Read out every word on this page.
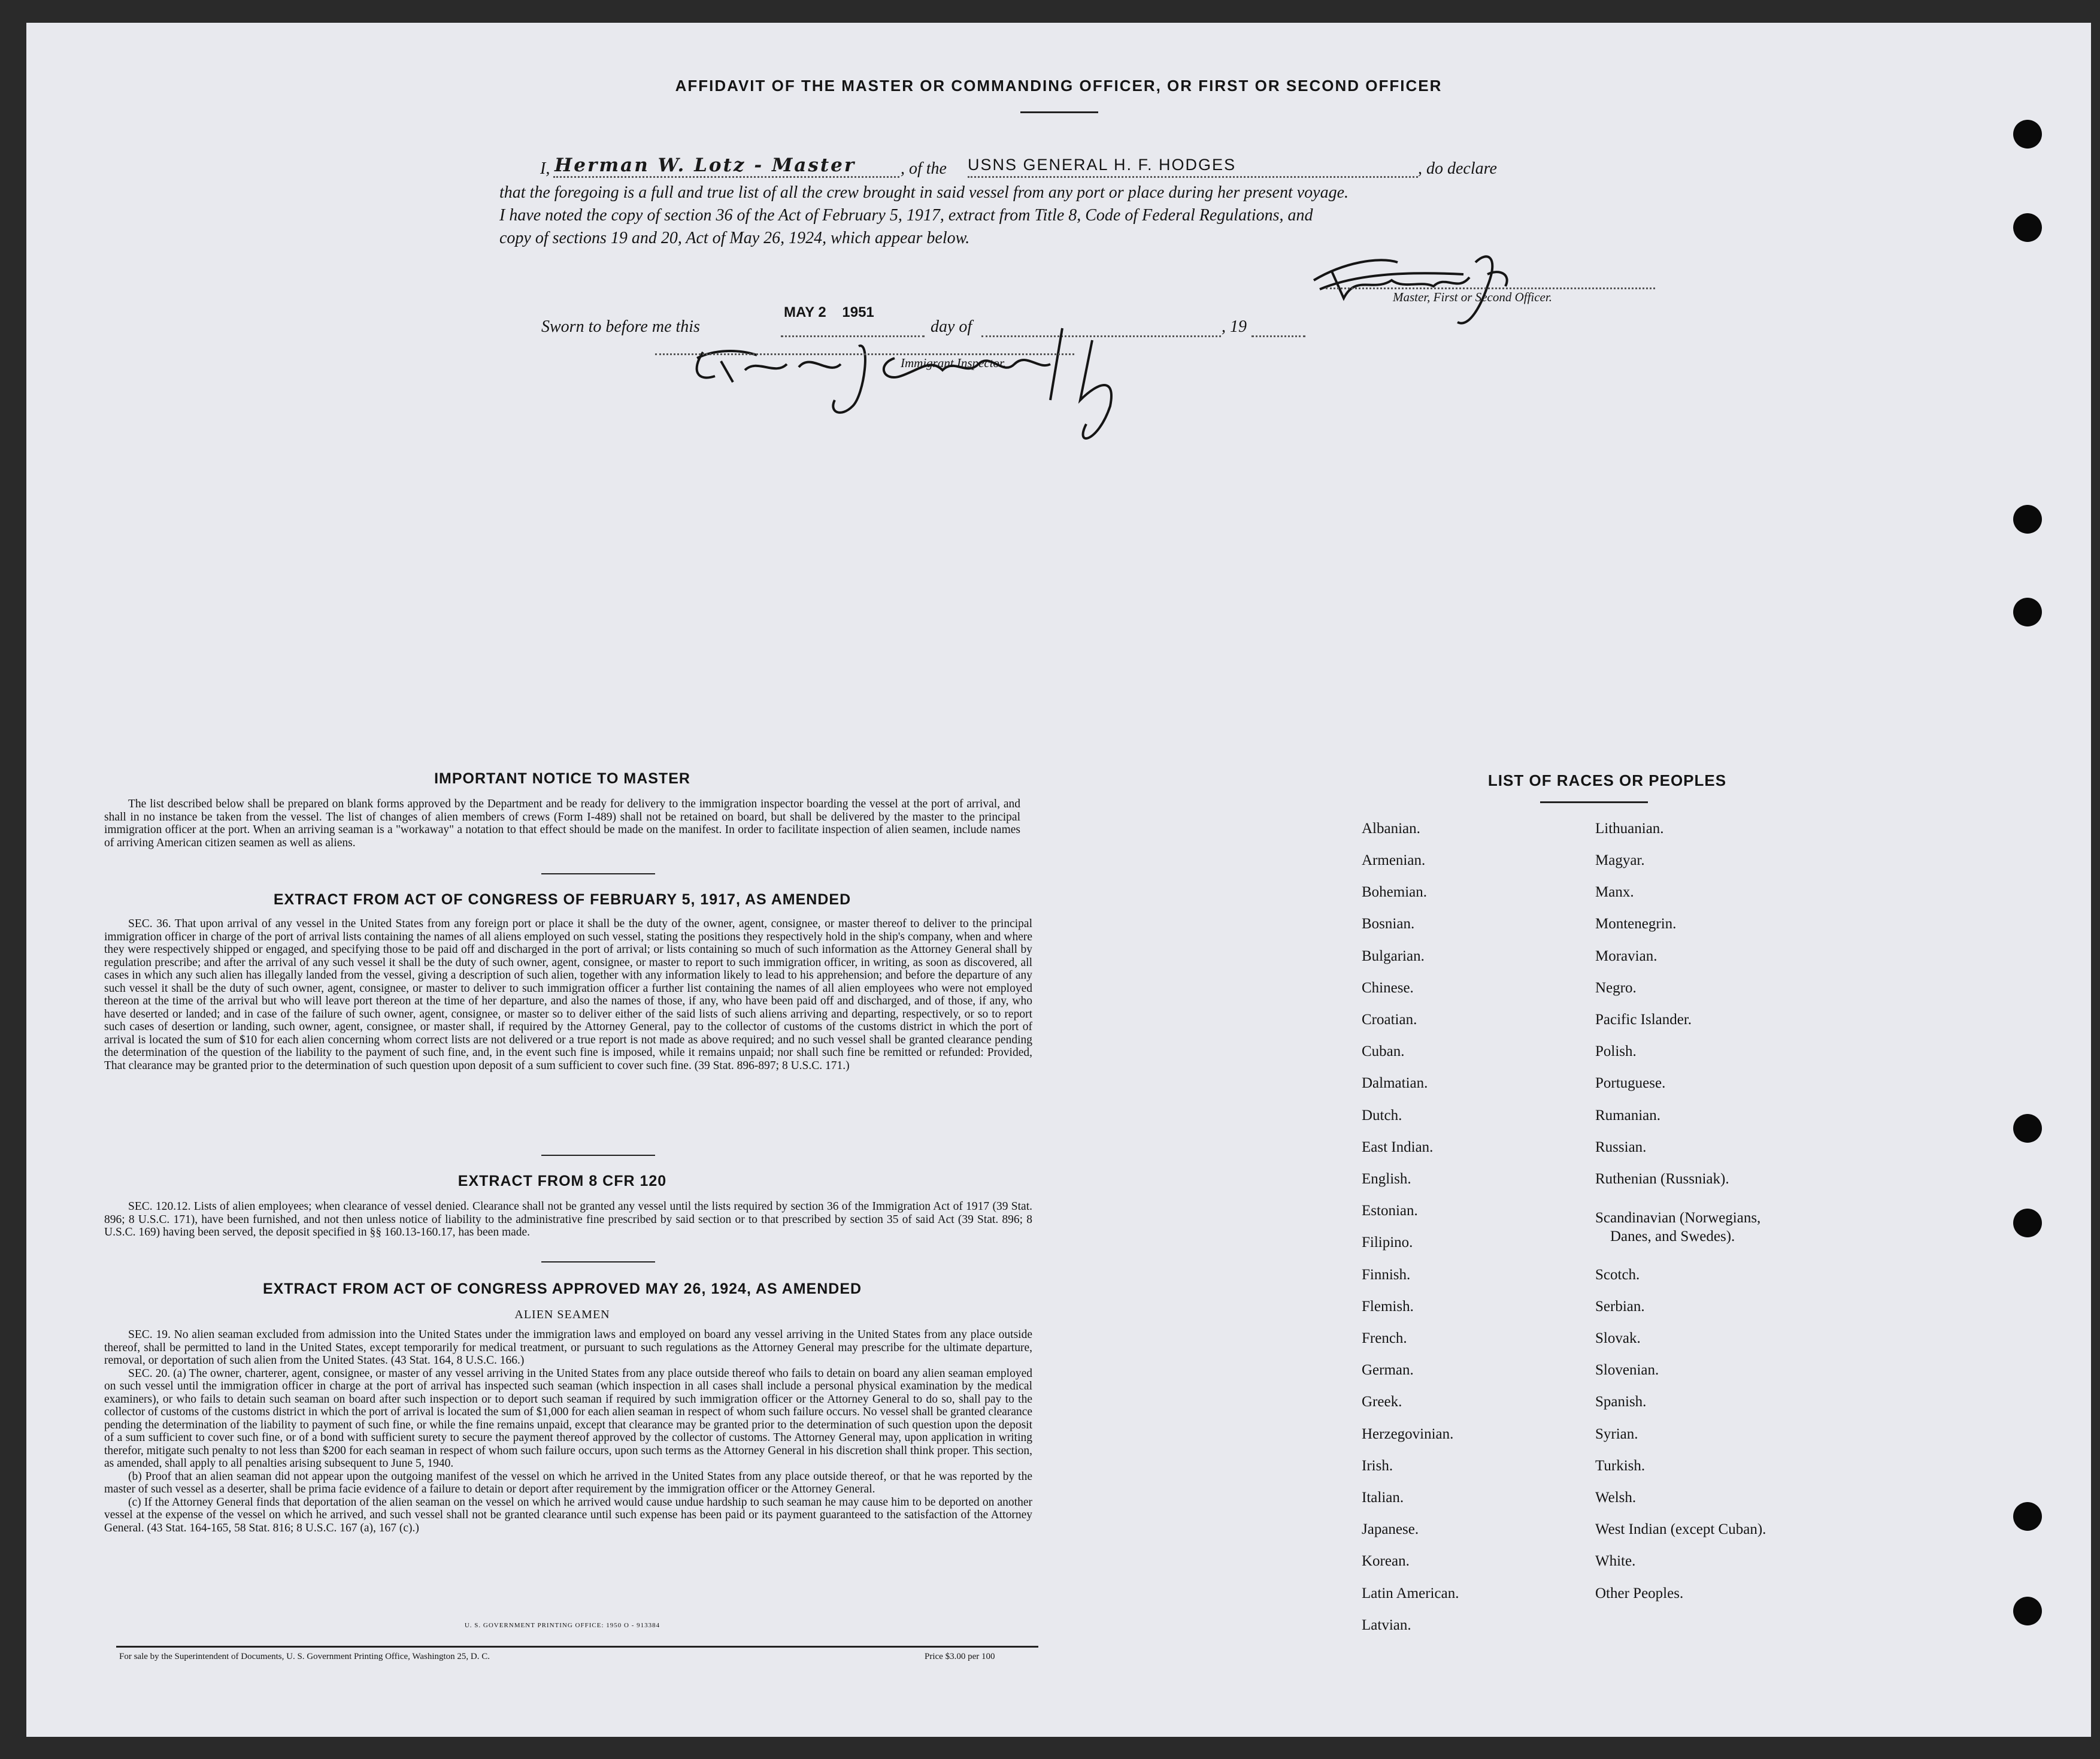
AFFIDAVIT OF THE MASTER OR COMMANDING OFFICER, OR FIRST OR SECOND OFFICER
I, Herman W. Lotz - Master	, of the USNS GENERAL H. F. HODGES	, do declare
that the foregoing is a full and true list of all the crew brought in said vessel from any port or place during her present voyage.
I have noted the copy of section 36 of the Act of February 5, 1917, extract from Title 8, Code of Federal Regulations, and
copy of sections 19 and 20, Act of May 26, 1924, which appear below.
Master, First or Second Officer.
Sworn to before me this
MAY 2    1951
day of	, 19
Immigrant Inspector.
IMPORTANT NOTICE TO MASTER

The list described below shall be prepared on blank forms approved by the Department and be ready for delivery to the immigration inspector boarding the vessel at the port of arrival, and shall in no instance be taken from the vessel. The list of changes of alien members of crews (Form I-489) shall not be retained on board, but shall be delivered by the master to the principal immigration officer at the port. When an arriving seaman is a "workaway" a notation to that effect should be made on the manifest. In order to facilitate inspection of alien seamen, include names of arriving American citizen seamen as well as aliens.

EXTRACT FROM ACT OF CONGRESS OF FEBRUARY 5, 1917, AS AMENDED

SEC. 36. That upon arrival of any vessel in the United States from any foreign port or place it shall be the duty of the owner, agent, consignee, or master thereof to deliver to the principal immigration officer in charge of the port of arrival lists containing the names of all aliens employed on such vessel, stating the positions they respectively hold in the ship's company, when and where they were respectively shipped or engaged, and specifying those to be paid off and discharged in the port of arrival; or lists containing so much of such information as the Attorney General shall by regulation prescribe; and after the arrival of any such vessel it shall be the duty of such owner, agent, consignee, or master to report to such immigration officer, in writing, as soon as discovered, all cases in which any such alien has illegally landed from the vessel, giving a description of such alien, together with any information likely to lead to his apprehension; and before the departure of any such vessel it shall be the duty of such owner, agent, consignee, or master to deliver to such immigration officer a further list containing the names of all alien employees who were not employed thereon at the time of the arrival but who will leave port thereon at the time of her departure, and also the names of those, if any, who have been paid off and discharged, and of those, if any, who have deserted or landed; and in case of the failure of such owner, agent, consignee, or master so to deliver either of the said lists of such aliens arriving and departing, respectively, or so to report such cases of desertion or landing, such owner, agent, consignee, or master shall, if required by the Attorney General, pay to the collector of customs of the customs district in which the port of arrival is located the sum of $10 for each alien concerning whom correct lists are not delivered or a true report is not made as above required; and no such vessel shall be granted clearance pending the determination of the question of the liability to the payment of such fine, and, in the event such fine is imposed, while it remains unpaid; nor shall such fine be remitted or refunded: Provided, That clearance may be granted prior to the determination of such question upon deposit of a sum sufficient to cover such fine. (39 Stat. 896-897; 8 U.S.C. 171.)

EXTRACT FROM 8 CFR 120

SEC. 120.12. Lists of alien employees; when clearance of vessel denied. Clearance shall not be granted any vessel until the lists required by section 36 of the Immigration Act of 1917 (39 Stat. 896; 8 U.S.C. 171), have been furnished, and not then unless notice of liability to the administrative fine prescribed by said section or to that prescribed by section 35 of said Act (39 Stat. 896; 8 U.S.C. 169) having been served, the deposit specified in §§ 160.13-160.17, has been made.

EXTRACT FROM ACT OF CONGRESS APPROVED MAY 26, 1924, AS AMENDED
ALIEN SEAMEN

SEC. 19. No alien seaman excluded from admission into the United States under the immigration laws and employed on board any vessel arriving in the United States from any place outside thereof, shall be permitted to land in the United States, except temporarily for medical treatment, or pursuant to such regulations as the Attorney General may prescribe for the ultimate departure, removal, or deportation of such alien from the United States. (43 Stat. 164, 8 U.S.C. 166.)

SEC. 20. (a) The owner, charterer, agent, consignee, or master of any vessel arriving in the United States from any place outside thereof who fails to detain on board any alien seaman employed on such vessel until the immigration officer in charge at the port of arrival has inspected such seaman (which inspection in all cases shall include a personal physical examination by the medical examiners), or who fails to detain such seaman on board after such inspection or to deport such seaman if required by such immigration officer or the Attorney General to do so, shall pay to the collector of customs of the customs district in which the port of arrival is located the sum of $1,000 for each alien seaman in respect of whom such failure occurs. No vessel shall be granted clearance pending the determination of the liability to payment of such fine, or while the fine remains unpaid, except that clearance may be granted prior to the determination of such question upon the deposit of a sum sufficient to cover such fine, or of a bond with sufficient surety to secure the payment thereof approved by the collector of customs. The Attorney General may, upon application in writing therefor, mitigate such penalty to not less than $200 for each seaman in respect of whom such failure occurs, upon such terms as the Attorney General in his discretion shall think proper. This section, as amended, shall apply to all penalties arising subsequent to June 5, 1940.

(b) Proof that an alien seaman did not appear upon the outgoing manifest of the vessel on which he arrived in the United States from any place outside thereof, or that he was reported by the master of such vessel as a deserter, shall be prima facie evidence of a failure to detain or deport after requirement by the immigration officer or the Attorney General.

(c) If the Attorney General finds that deportation of the alien seaman on the vessel on which he arrived would cause undue hardship to such seaman he may cause him to be deported on another vessel at the expense of the vessel on which he arrived, and such vessel shall not be granted clearance until such expense has been paid or its payment guaranteed to the satisfaction of the Attorney General. (43 Stat. 164-165, 58 Stat. 816; 8 U.S.C. 167 (a), 167 (c).)

U. S. GOVERNMENT PRINTING OFFICE: 1950 O - 913384
For sale by the Superintendent of Documents, U. S. Government Printing Office, Washington 25, D. C.	Price $3.00 per 100
LIST OF RACES OR PEOPLES
Albanian.
Armenian.
Bohemian.
Bosnian.
Bulgarian.
Chinese.
Croatian.
Cuban.
Dalmatian.
Dutch.
East Indian.
English.
Estonian.
Filipino.
Finnish.
Flemish.
French.
German.
Greek.
Herzegovinian.
Irish.
Italian.
Japanese.
Korean.
Latin American.
Latvian.
Lithuanian.
Magyar.
Manx.
Montenegrin.
Moravian.
Negro.
Pacific Islander.
Polish.
Portuguese.
Rumanian.
Russian.
Ruthenian (Russniak).
Scandinavian (Norwegians,
Danes, and Swedes).
Scotch.
Serbian.
Slovak.
Slovenian.
Spanish.
Syrian.
Turkish.
Welsh.
West Indian (except Cuban).
White.
Other Peoples.
